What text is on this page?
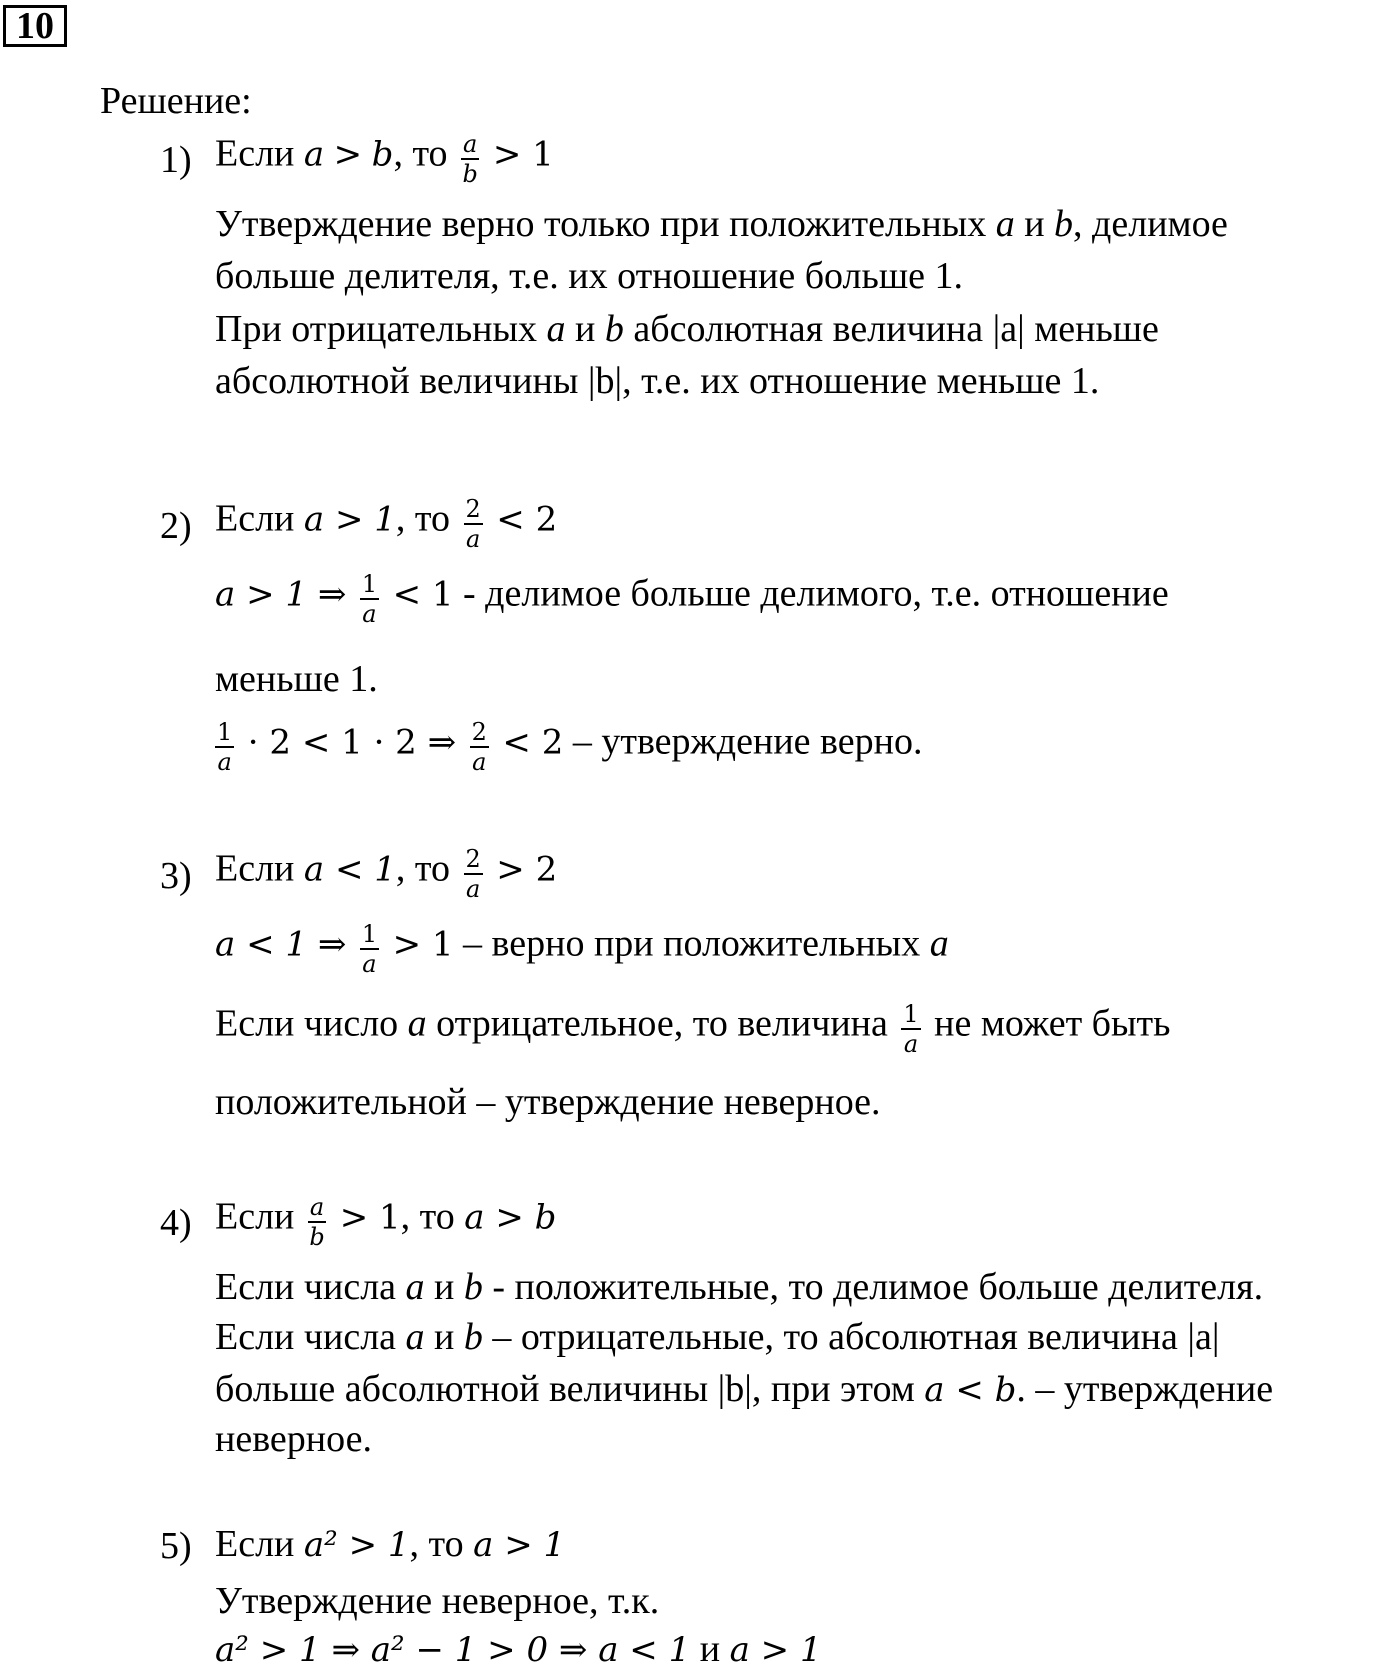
10
Решение:
1) Если a > b, то $\frac{a}{b} > 1$
Утверждение верно только при положительных a и b, делимое
больше делителя, т.е. их отношение больше 1.
При отрицательных a и b абсолютная величина |a| меньше
абсолютной величины |b|, т.е. их отношение меньше 1.
2) Если a > 1, то $\frac{2}{a} < 2$
a > 1 ⇒ $\frac{1}{a} < 1$ - делимое больше делимого, т.е. отношение
меньше 1.
$\frac{1}{a} \cdot 2 < 1 \cdot 2$ ⇒ $\frac{2}{a} < 2$ – утверждение верно.
3) Если a < 1, то $\frac{2}{a} > 2$
a < 1 ⇒ $\frac{1}{a} > 1$ – верно при положительных a
Если число a отрицательное, то величина $\frac{1}{a}$ не может быть
положительной – утверждение неверное.
4) Если $\frac{a}{b} > 1$, то a > b
Если числа a и b - положительные, то делимое больше делителя.
Если числа a и b – отрицательные, то абсолютная величина |a|
больше абсолютной величины |b|, при этом a < b. – утверждение
неверное.
5) Если a² > 1, то a > 1
Утверждение неверное, т.к.
a² > 1 ⇒ a² − 1 > 0 ⇒ a < 1 и a > 1
